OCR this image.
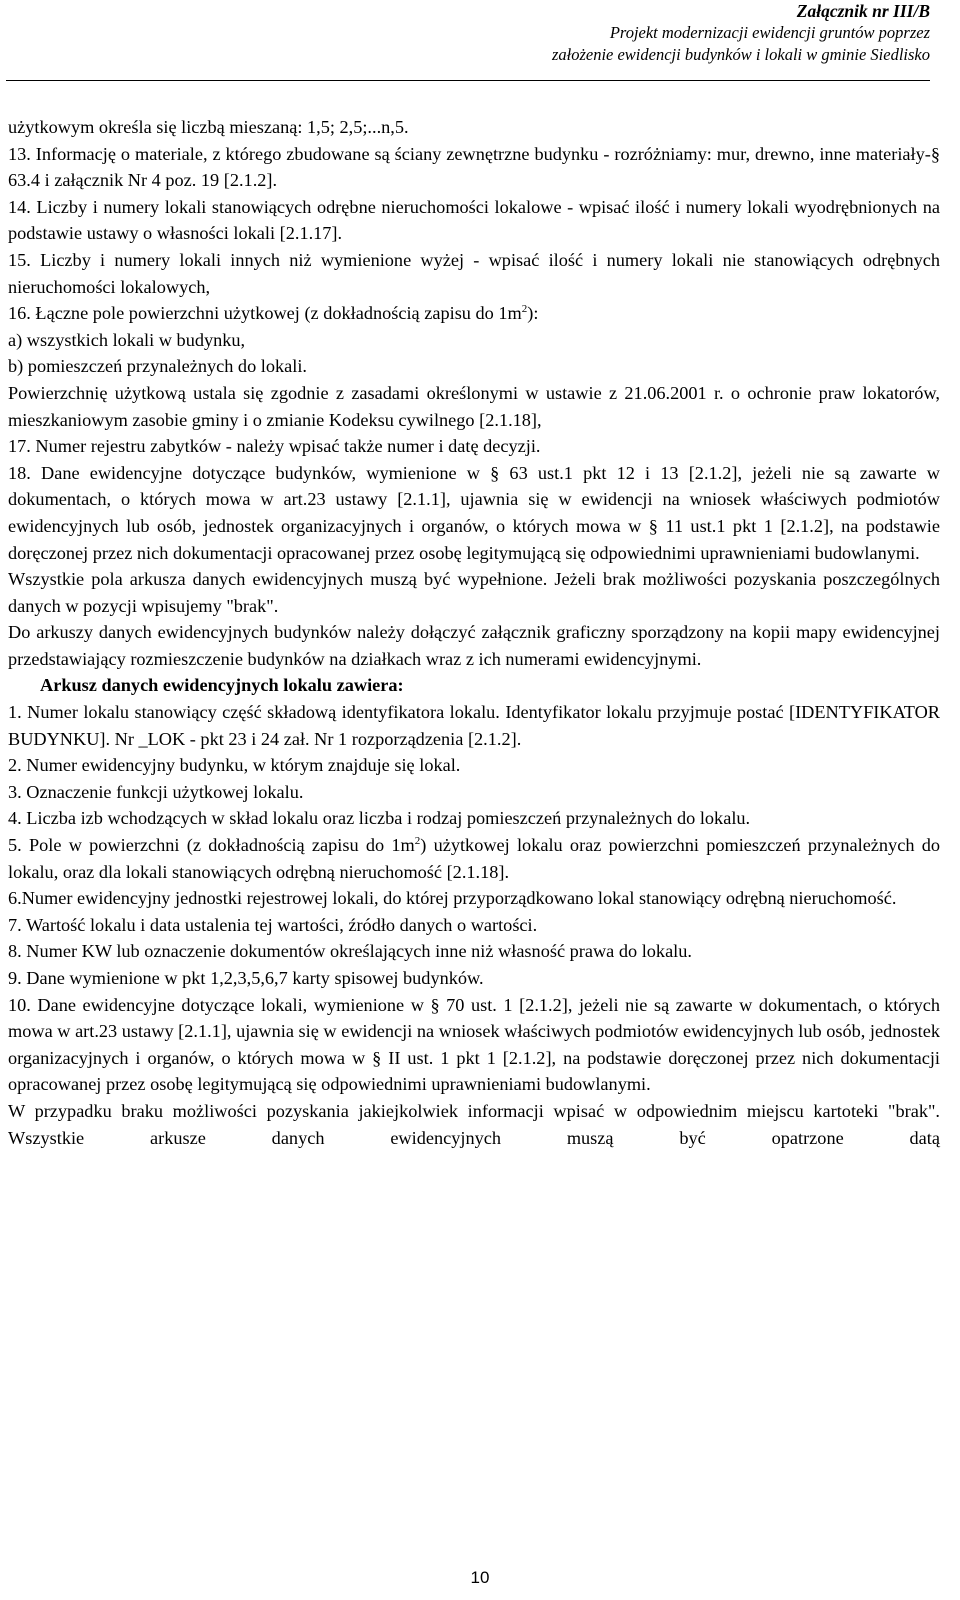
Załącznik nr III/B
Projekt modernizacji ewidencji gruntów poprzez
założenie ewidencji budynków i lokali w gminie Siedlisko

użytkowym określa się liczbą mieszaną: 1,5; 2,5;...n,5.

13. Informację o materiale, z którego zbudowane są ściany zewnętrzne budynku - rozróżniamy: mur, drewno, inne materiały-§ 63.4 i załącznik Nr 4 poz. 19 [2.1.2].

14. Liczby i numery lokali stanowiących odrębne nieruchomości lokalowe - wpisać ilość i numery lokali wyodrębnionych na podstawie ustawy o własności lokali [2.1.17].

15. Liczby i numery lokali innych niż wymienione wyżej - wpisać ilość i numery lokali nie stanowiących odrębnych nieruchomości lokalowych,

16. Łączne pole powierzchni użytkowej (z dokładnością zapisu do $1m^2$):

a) wszystkich lokali w budynku,

b) pomieszczeń przynależnych do lokali.

Powierzchnię użytkową ustala się zgodnie z zasadami określonymi w ustawie z 21.06.2001 r. o ochronie praw lokatorów, mieszkaniowym zasobie gminy i o zmianie Kodeksu cywilnego [2.1.18],

17. Numer rejestru zabytków - należy wpisać także numer i datę decyzji.

18. Dane ewidencyjne dotyczące budynków, wymienione w § 63 ust.1 pkt 12 i 13 [2.1.2], jeżeli nie są zawarte w dokumentach, o których mowa w art.23 ustawy [2.1.1], ujawnia się w ewidencji na wniosek właściwych podmiotów ewidencyjnych lub osób, jednostek organizacyjnych i organów, o których mowa w § 11 ust.1 pkt 1 [2.1.2], na podstawie doręczonej przez nich dokumentacji opracowanej przez osobę legitymującą się odpowiednimi uprawnieniami budowlanymi.

Wszystkie pola arkusza danych ewidencyjnych muszą być wypełnione. Jeżeli brak możliwości pozyskania poszczególnych danych w pozycji wpisujemy "brak".

Do arkuszy danych ewidencyjnych budynków należy dołączyć załącznik graficzny sporządzony na kopii mapy ewidencyjnej przedstawiający rozmieszczenie budynków na działkach wraz z ich numerami ewidencyjnymi.

Arkusz danych ewidencyjnych lokalu zawiera:

1. Numer lokalu stanowiący część składową identyfikatora lokalu. Identyfikator lokalu przyjmuje postać [IDENTYFIKATOR BUDYNKU]. Nr _LOK - pkt 23 i 24 zał. Nr 1 rozporządzenia [2.1.2].

2. Numer ewidencyjny budynku, w którym znajduje się lokal.

3. Oznaczenie funkcji użytkowej lokalu.

4. Liczba izb wchodzących w skład lokalu oraz liczba i rodzaj pomieszczeń przynależnych do lokalu.

5. Pole w powierzchni (z dokładnością zapisu do $1m^2$) użytkowej lokalu oraz powierzchni pomieszczeń przynależnych do lokalu, oraz dla lokali stanowiących odrębną nieruchomość [2.1.18].

6.Numer ewidencyjny jednostki rejestrowej lokali, do której przyporządkowano lokal stanowiący odrębną nieruchomość.

7. Wartość lokalu i data ustalenia tej wartości, źródło danych o wartości.

8. Numer KW lub oznaczenie dokumentów określających inne niż własność prawa do lokalu.

9. Dane wymienione w pkt 1,2,3,5,6,7 karty spisowej budynków.

10. Dane ewidencyjne dotyczące lokali, wymienione w § 70 ust. 1 [2.1.2], jeżeli nie są zawarte w dokumentach, o których mowa w art.23 ustawy [2.1.1], ujawnia się w ewidencji na wniosek właściwych podmiotów ewidencyjnych lub osób, jednostek organizacyjnych i organów, o których mowa w § II ust. 1 pkt 1 [2.1.2], na podstawie doręczonej przez nich dokumentacji opracowanej przez osobę legitymującą się odpowiednimi uprawnieniami budowlanymi.

W przypadku braku możliwości pozyskania jakiejkolwiek informacji wpisać w odpowiednim miejscu kartoteki "brak". Wszystkie arkusze danych ewidencyjnych muszą być opatrzone datą

10
